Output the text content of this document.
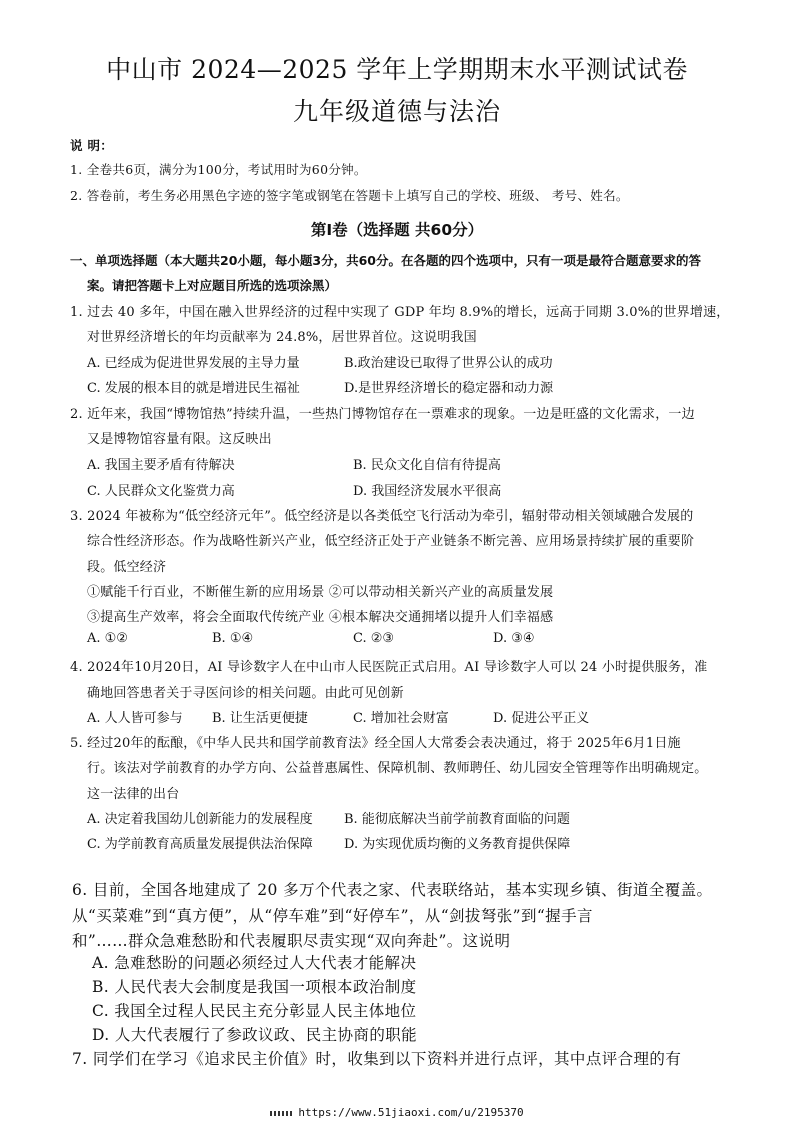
中山市 2024—2025 学年上学期期末水平测试试卷
九年级道德与法治
说 明：
1. 全卷共6页，满分为100分，考试用时为60分钟。
2. 答卷前，考生务必用黑色字迹的签字笔或钢笔在答题卡上填写自己的学校、班级、 考号、姓名。
第Ⅰ卷（选择题 共60分）
一、单项选择题（本大题共20小题，每小题3分，共60分。在各题的四个选项中，只有一项是最符合题意要求的答
案。请把答题卡上对应题目所选的选项涂黑）
1. 过去 40 多年，中国在融入世界经济的过程中实现了 GDP 年均 8.9%的增长，远高于同期 3.0%的世界增速，
对世界经济增长的年均贡献率为 24.8%，居世界首位。这说明我国
A. 已经成为促进世界发展的主导力量	B.政治建设已取得了世界公认的成功
C. 发展的根本目的就是增进民生福祉	D.是世界经济增长的稳定器和动力源
2. 近年来，我国“博物馆热”持续升温，一些热门博物馆存在一票难求的现象。一边是旺盛的文化需求，一边
又是博物馆容量有限。这反映出
A. 我国主要矛盾有待解决	B. 民众文化自信有待提高
C. 人民群众文化鉴赏力高	D. 我国经济发展水平很高
3. 2024 年被称为“低空经济元年”。低空经济是以各类低空飞行活动为牵引，辐射带动相关领域融合发展的
综合性经济形态。作为战略性新兴产业，低空经济正处于产业链条不断完善、应用场景持续扩展的重要阶
段。低空经济
①赋能千行百业，不断催生新的应用场景 ②可以带动相关新兴产业的高质量发展
③提高生产效率，将会全面取代传统产业 ④根本解决交通拥堵以提升人们幸福感
A. ①②	B. ①④	C. ②③	D. ③④
4. 2024年10月20日，AI 导诊数字人在中山市人民医院正式启用。AI 导诊数字人可以 24 小时提供服务，准
确地回答患者关于寻医问诊的相关问题。由此可见创新
A. 人人皆可参与 B. 让生活更便捷	C. 增加社会财富	D. 促进公平正义
5. 经过20年的酝酿，《中华人民共和国学前教育法》经全国人大常委会表决通过，将于 2025年6月1日施
行。该法对学前教育的办学方向、公益普惠属性、保障机制、教师聘任、幼儿园安全管理等作出明确规定。
这一法律的出台
A. 决定着我国幼儿创新能力的发展程度 B. 能彻底解决当前学前教育面临的问题
C. 为学前教育高质量发展提供法治保障 D. 为实现优质均衡的义务教育提供保障
6. 目前，全国各地建成了 20 多万个代表之家、代表联络站，基本实现乡镇、街道全覆盖。
从“买菜难”到“真方便”，从“停车难”到“好停车”，从“剑拔弩张”到“握手言
和”……群众急难愁盼和代表履职尽责实现“双向奔赴”。这说明
A. 急难愁盼的问题必须经过人大代表才能解决
B. 人民代表大会制度是我国一项根本政治制度
C. 我国全过程人民民主充分彰显人民主体地位
D. 人大代表履行了参政议政、民主协商的职能
7. 同学们在学习《追求民主价值》时，收集到以下资料并进行点评，其中点评合理的有
https://www.51jiaoxi.com/u/2195370
